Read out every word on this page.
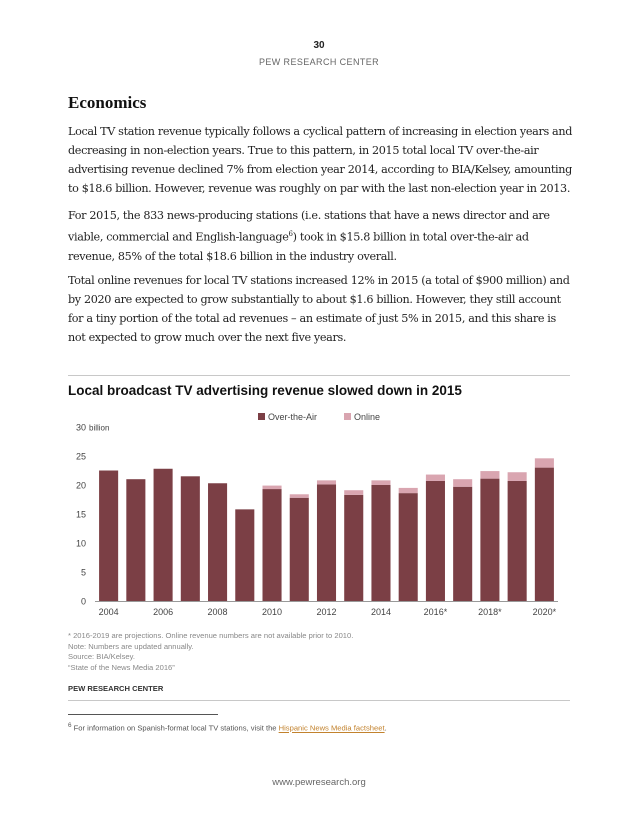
30
PEW RESEARCH CENTER
Economics
Local TV station revenue typically follows a cyclical pattern of increasing in election years and decreasing in non-election years. True to this pattern, in 2015 total local TV over-the-air advertising revenue declined 7% from election year 2014, according to BIA/Kelsey, amounting to $18.6 billion. However, revenue was roughly on par with the last non-election year in 2013.
For 2015, the 833 news-producing stations (i.e. stations that have a news director and are viable, commercial and English-language$^6$) took in $15.8 billion in total over-the-air ad revenue, 85% of the total $18.6 billion in the industry overall.
Total online revenues for local TV stations increased 12% in 2015 (a total of $900 million) and by 2020 are expected to grow substantially to about $1.6 billion. However, they still account for a tiny portion of the total ad revenues – an estimate of just 5% in 2015, and this share is not expected to grow much over the next five years.
Local broadcast TV advertising revenue slowed down in 2015
Over-the-Air	Online
0
5
10
15
20
25
30 billion
2004	2006	2008	2010	2012	2014	2016*	2018*	2020*
* 2016-2019 are projections. Online revenue numbers are not available prior to 2010.
Note: Numbers are updated annually.
Source: BIA/Kelsey.
“State of the News Media 2016”
PEW RESEARCH CENTER
$^6$ For information on Spanish-format local TV stations, visit the Hispanic News Media factsheet.
www.pewresearch.org
